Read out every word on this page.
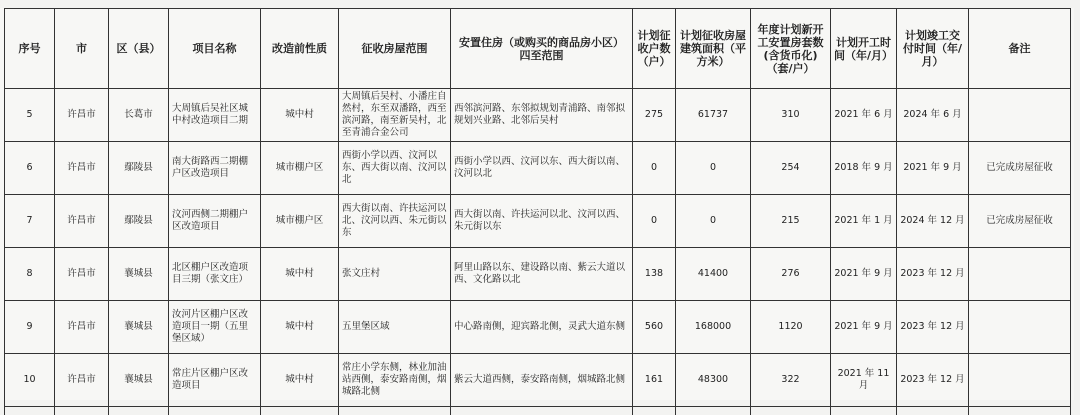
序号	市	区（县）	项目名称	改造前性质	征收房屋范围	安置住房（或购买的商品房小区）四至范围	计划征收户数（户）	计划征收房屋建筑面积（平方米）	年度计划新开工安置房套数(含货币化)（套/户）	计划开工时间（年/月）	计划竣工交付时间（年/月）	备注
5	许昌市	长葛市	大周镇后吴社区城中村改造项目二期	城中村	大周镇后吴村、小潘庄自然村，东至双潘路，西至滨河路，南至新吴村，北至青浦合金公司	西邻滨河路、东邻拟规划青浦路、南邻拟规划兴业路、北邻后吴村	275	61737	310	2021 年 6 月	2024 年 6 月	
6	许昌市	鄢陵县	南大街路西二期棚户区改造项目	城市棚户区	西街小学以西、汶河以东、西大街以南、汶河以北	西街小学以西、汶河以东、西大街以南、汶河以北	0	0	254	2018 年 9 月	2021 年 9 月	已完成房屋征收
7	许昌市	鄢陵县	汶河西侧二期棚户区改造项目	城市棚户区	西大街以南、许扶运河以北、汶河以西、朱元街以东	西大街以南、许扶运河以北、汶河以西、朱元街以东	0	0	215	2021 年 1 月	2024 年 12 月	已完成房屋征收
8	许昌市	襄城县	北区棚户区改造项目三期（张文庄）	城中村	张文庄村	阿里山路以东、建设路以南、紫云大道以西、文化路以北	138	41400	276	2021 年 9 月	2023 年 12 月	
9	许昌市	襄城县	汝河片区棚户区改造项目一期（五里堡区域）	城中村	五里堡区域	中心路南侧，迎宾路北侧，灵武大道东侧	560	168000	1120	2021 年 9 月	2023 年 12 月	
10	许昌市	襄城县	常庄片区棚户区改造项目	城中村	常庄小学东侧，林业加油站西侧，泰安路南侧，烟城路北侧	紫云大道西侧，泰安路南侧，烟城路北侧	161	48300	322	2021 年 11 月	2023 年 12 月	
